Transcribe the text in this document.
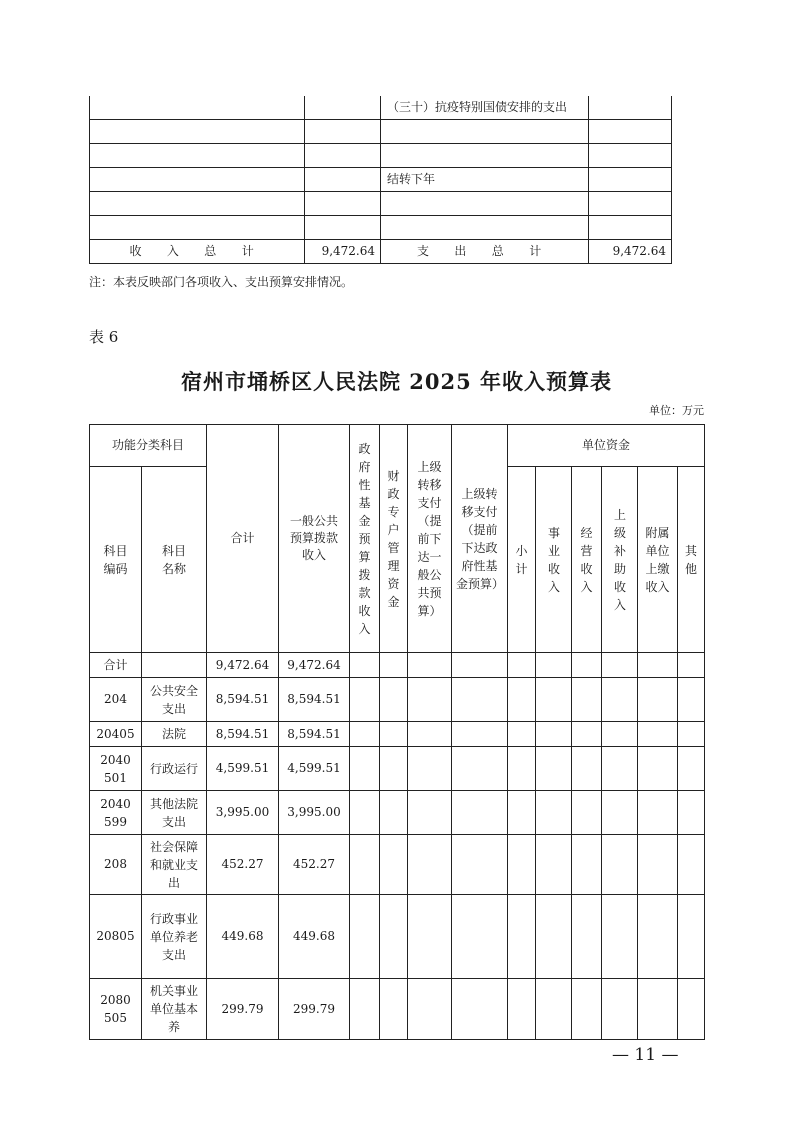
		（三十）抗疫特别国债安排的支出	

		结转下年	

收 入 总 计	9,472.64	支 出 总 计	9,472.64
注：本表反映部门各项收入、支出预算安排情况。
表 6
宿州市埇桥区人民法院 2025 年收入预算表
单位：万元
功能分类科目		合计	一般公共预算拨款收入	政府性基金预算拨款收入	财政专户管理资金	上级转移支付（提前下达一般公共预算）	上级转移支付（提前下达政府性基金预算）	单位资金					
科目编码	科目名称							小计	事业收入	经营收入	上级补助收入	附属单位上缴收入	其他
合计		9,472.64	9,472.64										
204	公共安全支出	8,594.51	8,594.51										
20405	法院	8,594.51	8,594.51										
2040501	行政运行	4,599.51	4,599.51										
2040599	其他法院支出	3,995.00	3,995.00										
208	社会保障和就业支出	452.27	452.27										
20805	行政事业单位养老支出	449.68	449.68										
2080505	机关事业单位基本养	299.79	299.79										
— 11 —
